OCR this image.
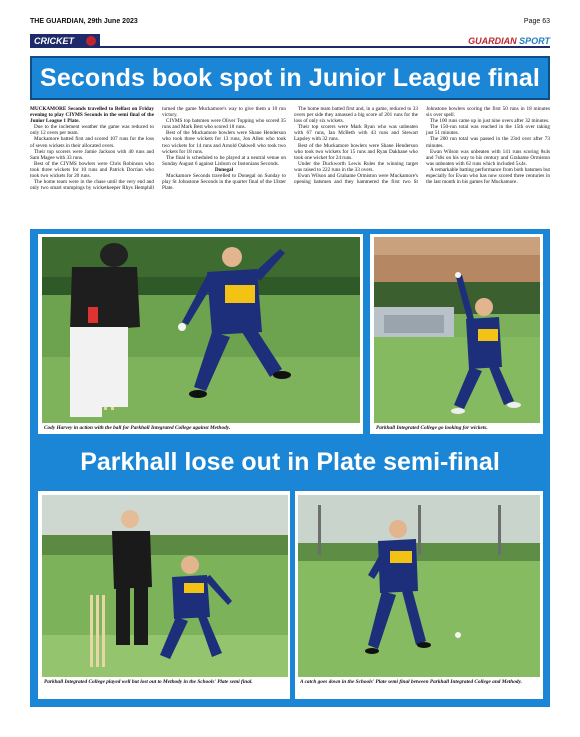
THE GUARDIAN, 29th June 2023	Page 63
CRICKET	GUARDIAN SPORT
Seconds book spot in Junior League final

MUCKAMORE Seconds travelled to Belfast on Friday evening to play CIYMS Seconds in the semi final of the Junior League 1 Plate.

Due to the inclement weather the game was reduced to only 12 overs per team.

Muckamore batted first and scored 107 runs for the loss of seven wickets in their allocated overs.

Their top scorers were Jamie Jackson with 40 runs and Sam Magee with 33 runs.

Best of the CIYMS bowlers were Chris Robinson who took three wickets for 10 runs and Patrick Dorrian who took two wickets for 20 runs.

The home team were in the chase until the very end and only two smart stumpings by wicketkeeper Rhys Hemphill turned the game Muckamore's way to give them a 10 run victory.

CIYMS top batsmen were Oliver Topping who scored 35 runs and Mark Best who scored 18 runs.

Best of the Muckamore bowlers were Shane Henderson who took three wickets for 13 runs, Jon Allen who took two wickets for 14 runs and Arnold Oakwell who took two wickets for 18 runs.

The final is scheduled to be played at a neutral venue on Sunday August 6 against Lisburn or Instonians Seconds.

Donegal

Muckamore Seconds travelled to Donegal on Sunday to play St Johnstone Seconds in the quarter final of the Ulster Plate.

The home team batted first and, in a game, reduced to 33 overs per side they amassed a big score of 201 runs for the loss of only six wickets.

Their top scorers were Mark Ryan who was unbeaten with 67 runs, Ian McBeth with 43 runs and Stewart Lapsley with 32 runs.

Best of the Muckamore bowlers were Shane Henderson who took two wickets for 15 runs and Ryan Dakhane who took one wicket for 24 runs.

Under the Duckworth Lewis Rules the winning target was raised to 222 runs in the 33 overs.

Ewan Wilson and Grahame Ormiston were Muckamore's opening batsmen and they hammered the first two St Johnstone bowlers scoring the first 50 runs in 18 minutes six over spell.

The 100 runs came up in just nine overs after 32 minutes.

The 150-run total was reached in the 15th over taking just 51 minutes.

The 200 run total was passed in the 23rd over after 73 minutes.

Ewan Wilson was unbeaten with 141 runs scoring 8s4s and 7s6s on his way to his century and Grahame Ormiston was unbeaten with 62 runs which included 5x4s.

A remarkable batting performance from both batsmen but especially for Ewan who has now scored three centuries in the last month in his games for Muckamore.

Cody Harvey in action with the ball for Parkhall Integrated College against Methody.	Parkhall Integrated College go looking for wickets.
Parkhall lose out in Plate semi-final
Parkhall Integrated College played well but lost out to Methody in the Schools' Plate semi final.	A catch goes down in the Schools' Plate semi final between Parkhall Integrated College and Methody.
